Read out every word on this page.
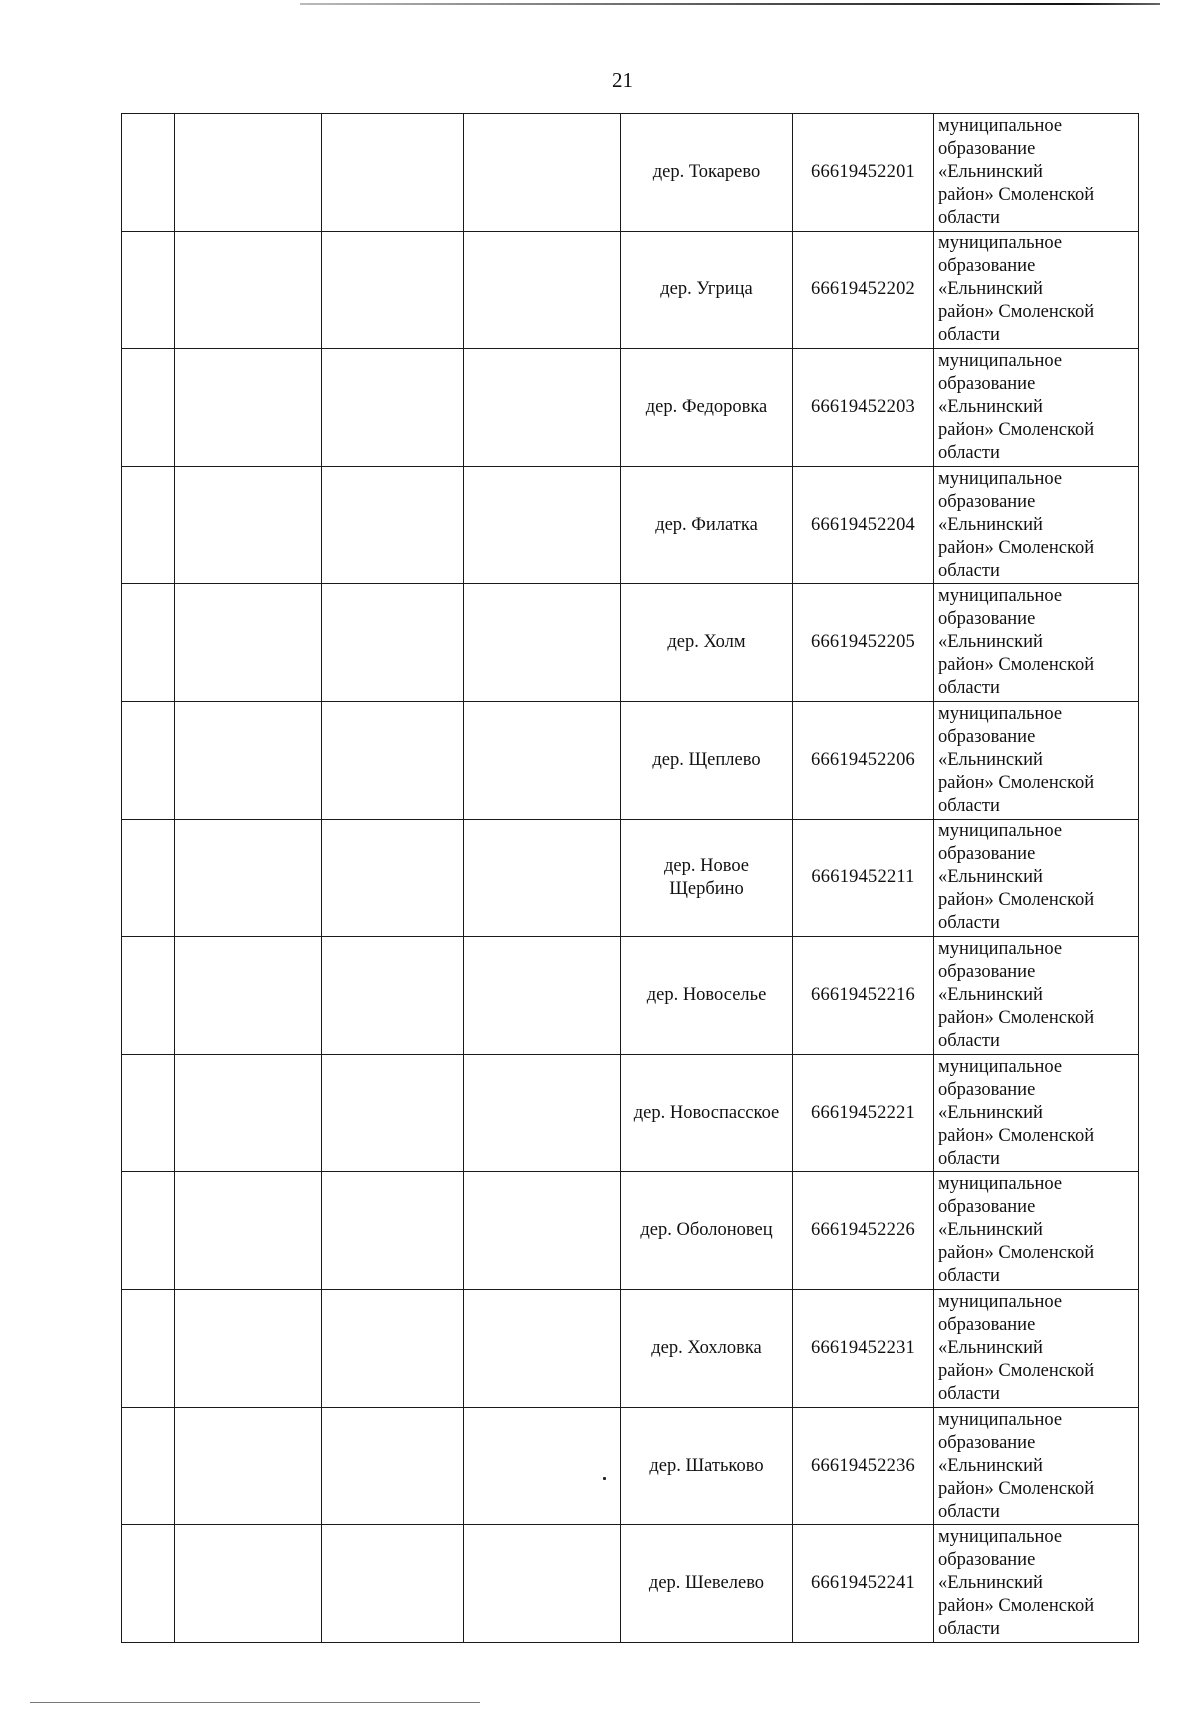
21
				дер. Токарево	66619452201	муниципальное
образование
«Ельнинский
район» Смоленской
области

				дер. Угрица	66619452202	муниципальное
образование
«Ельнинский
район» Смоленской
области

				дер. Федоровка	66619452203	муниципальное
образование
«Ельнинский
район» Смоленской
области

				дер. Филатка	66619452204	муниципальное
образование
«Ельнинский
район» Смоленской
области

				дер. Холм	66619452205	муниципальное
образование
«Ельнинский
район» Смоленской
области

				дер. Щеплево	66619452206	муниципальное
образование
«Ельнинский
район» Смоленской
области

				дер. Новое Щербино	66619452211	муниципальное
образование
«Ельнинский
район» Смоленской
области

				дер. Новоселье	66619452216	муниципальное
образование
«Ельнинский
район» Смоленской
области

				дер. Новоспасское	66619452221	муниципальное
образование
«Ельнинский
район» Смоленской
области

				дер. Оболоновец	66619452226	муниципальное
образование
«Ельнинский
район» Смоленской
области

				дер. Хохловка	66619452231	муниципальное
образование
«Ельнинский
район» Смоленской
области

				дер. Шатьково	66619452236	муниципальное
образование
«Ельнинский
район» Смоленской
области

				дер. Шевелево	66619452241	муниципальное
образование
«Ельнинский
район» Смоленской
области
